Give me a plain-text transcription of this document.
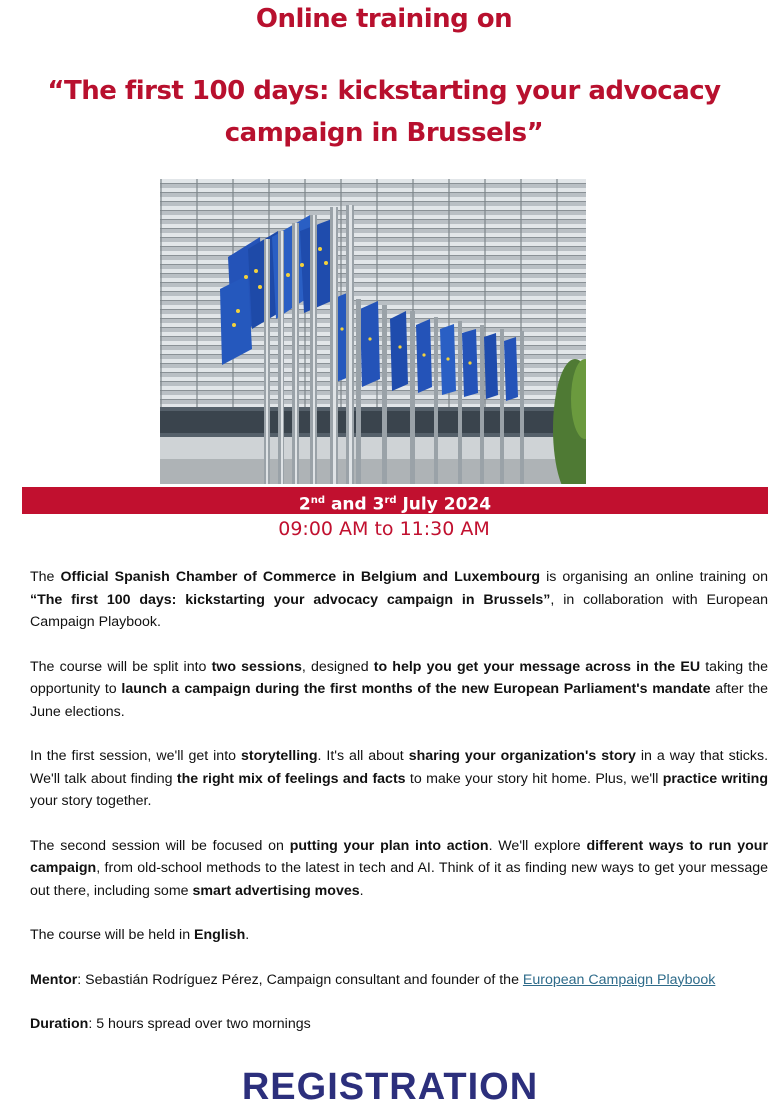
Online training on
“The first 100 days: kickstarting your advocacy
campaign in Brussels”
2nd and 3rd July 2024
09:00 AM to 11:30 AM

The Official Spanish Chamber of Commerce in Belgium and Luxembourg is organising an online training on “The first 100 days: kickstarting your advocacy campaign in Brussels”, in collaboration with European Campaign Playbook.

The course will be split into two sessions, designed to help you get your message across in the EU taking the opportunity to launch a campaign during the first months of the new European Parliament's mandate after the June elections.

In the first session, we'll get into storytelling. It's all about sharing your organization's story in a way that sticks. We'll talk about finding the right mix of feelings and facts to make your story hit home. Plus, we'll practice writing your story together.

The second session will be focused on putting your plan into action. We'll explore different ways to run your campaign, from old-school methods to the latest in tech and AI. Think of it as finding new ways to get your message out there, including some smart advertising moves.

The course will be held in English.

Mentor: Sebastián Rodríguez Pérez, Campaign consultant and founder of the European Campaign Playbook

Duration: 5 hours spread over two mornings

REGISTRATION
